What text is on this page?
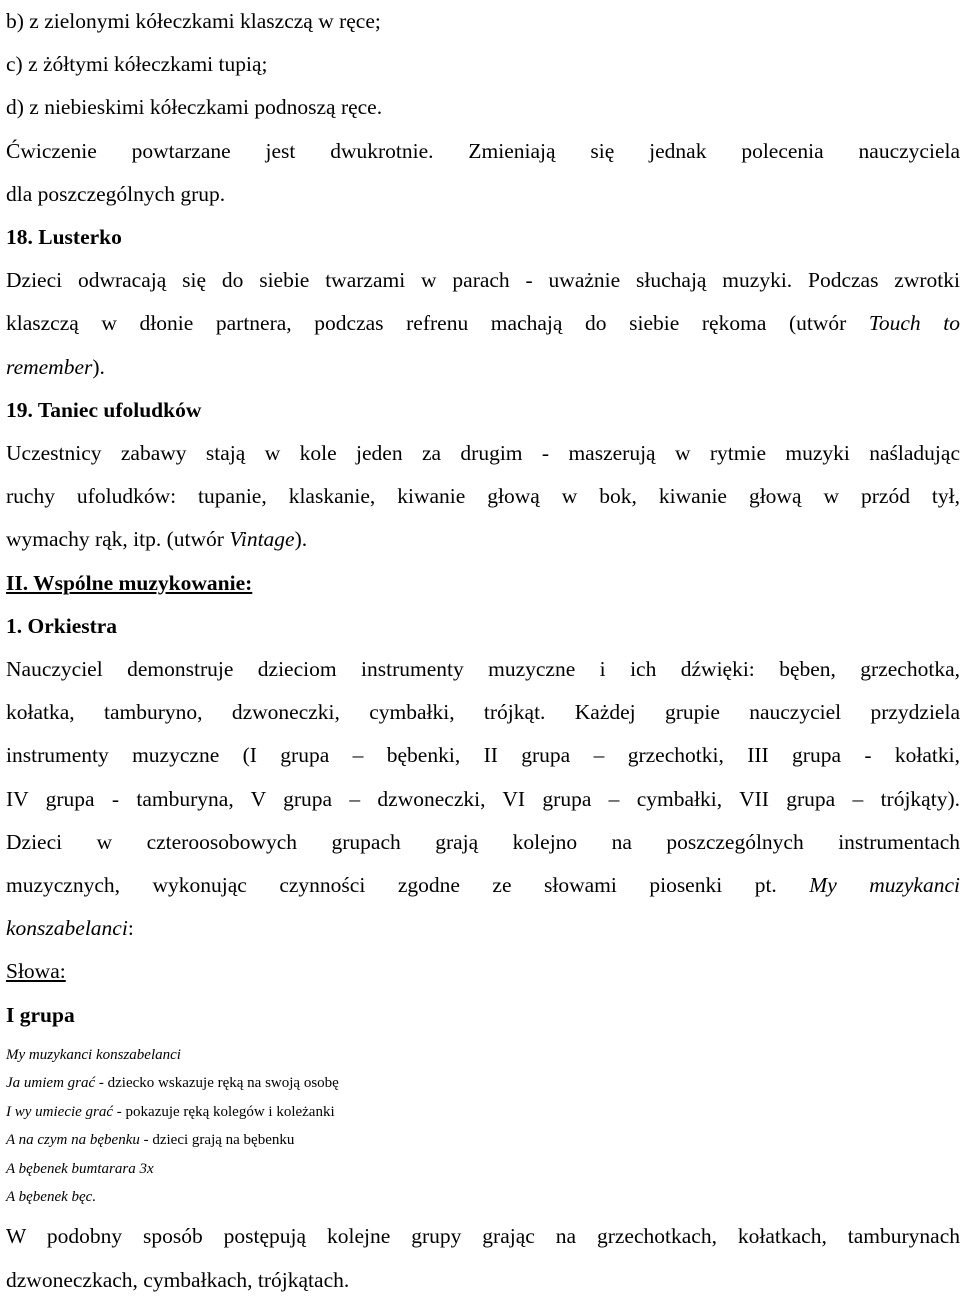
b) z zielonymi kółeczkami klaszczą w ręce;
c) z żółtymi kółeczkami tupią;
d) z niebieskimi kółeczkami podnoszą ręce.
Ćwiczenie powtarzane jest dwukrotnie. Zmieniają się jednak polecenia nauczyciela
dla poszczególnych grup.
18. Lusterko
Dzieci odwracają się do siebie twarzami w parach - uważnie słuchają muzyki. Podczas zwrotki
klaszczą w dłonie partnera, podczas refrenu machają do siebie rękoma (utwór Touch to
remember).
19. Taniec ufoludków
Uczestnicy zabawy stają w kole jeden za drugim - maszerują w rytmie muzyki naśladując
ruchy ufoludków: tupanie, klaskanie, kiwanie głową w bok, kiwanie głową w przód tył,
wymachy rąk, itp. (utwór Vintage).
II. Wspólne muzykowanie:
1. Orkiestra
Nauczyciel demonstruje dzieciom instrumenty muzyczne i ich dźwięki: bęben, grzechotka,
kołatka, tamburyno, dzwoneczki, cymbałki, trójkąt. Każdej grupie nauczyciel przydziela
instrumenty muzyczne (I grupa – bębenki, II grupa – grzechotki, III grupa - kołatki,
IV grupa - tamburyna, V grupa – dzwoneczki, VI grupa – cymbałki, VII grupa – trójkąty).
Dzieci w czteroosobowych grupach grają kolejno na poszczególnych instrumentach
muzycznych, wykonując czynności zgodne ze słowami piosenki pt. My muzykanci
konszabelanci:
Słowa:
I grupa
My muzykanci konszabelanci
Ja umiem grać - dziecko wskazuje ręką na swoją osobę
I wy umiecie grać - pokazuje ręką kolegów i koleżanki
A na czym na bębenku - dzieci grają na bębenku
A bębenek bumtarara 3x
A bębenek bęc.
W podobny sposób postępują kolejne grupy grając na grzechotkach, kołatkach, tamburynach
dzwoneczkach, cymbałkach, trójkątach.
